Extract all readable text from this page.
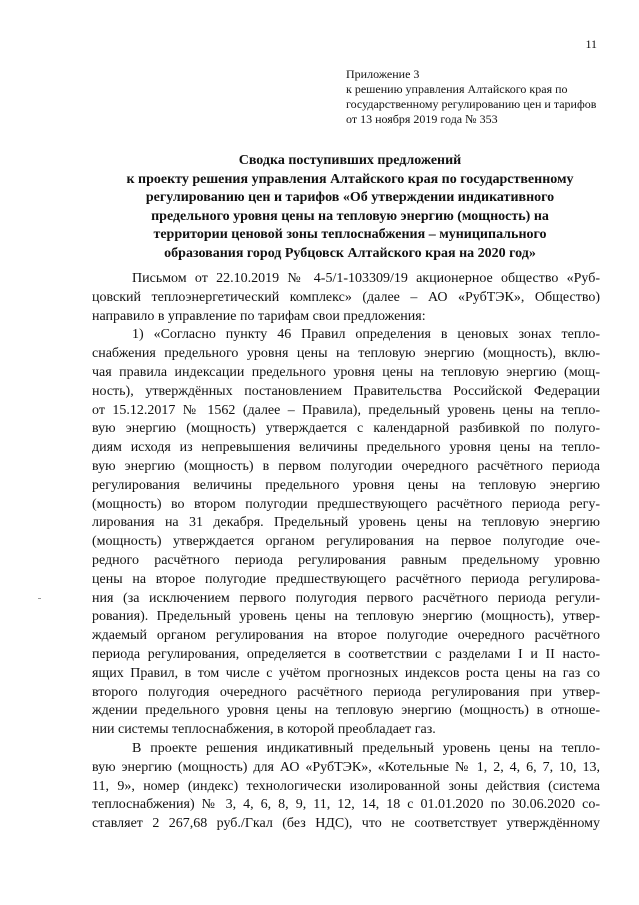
11
Приложение 3
к решению управления Алтайского края по
государственному регулированию цен и тарифов
от 13 ноября 2019 года № 353
Сводка поступивших предложений
к проекту решения управления Алтайского края по государственному
регулированию цен и тарифов «Об утверждении индикативного
предельного уровня цены на тепловую энергию (мощность) на
территории ценовой зоны теплоснабжения – муниципального
образования город Рубцовск Алтайского края на 2020 год»
Письмом от 22.10.2019 № 4-5/1-103309/19 акционерное общество «Руб-
цовский теплоэнергетический комплекс» (далее – АО «РубТЭК», Общество)
направило в управление по тарифам свои предложения:
1) «Согласно пункту 46 Правил определения в ценовых зонах тепло-
снабжения предельного уровня цены на тепловую энергию (мощность), вклю-
чая правила индексации предельного уровня цены на тепловую энергию (мощ-
ность), утверждённых постановлением Правительства Российской Федерации
от 15.12.2017 № 1562 (далее – Правила), предельный уровень цены на тепло-
вую энергию (мощность) утверждается с календарной разбивкой по полуго-
диям исходя из непревышения величины предельного уровня цены на тепло-
вую энергию (мощность) в первом полугодии очередного расчётного периода
регулирования величины предельного уровня цены на тепловую энергию
(мощность) во втором полугодии предшествующего расчётного периода регу-
лирования на 31 декабря. Предельный уровень цены на тепловую энергию
(мощность) утверждается органом регулирования на первое полугодие оче-
редного расчётного периода регулирования равным предельному уровню
цены на второе полугодие предшествующего расчётного периода регулирова-
ния (за исключением первого полугодия первого расчётного периода регули-
рования). Предельный уровень цены на тепловую энергию (мощность), утвер-
ждаемый органом регулирования на второе полугодие очередного расчётного
периода регулирования, определяется в соответствии с разделами I и II насто-
ящих Правил, в том числе с учётом прогнозных индексов роста цены на газ со
второго полугодия очередного расчётного периода регулирования при утвер-
ждении предельного уровня цены на тепловую энергию (мощность) в отноше-
нии системы теплоснабжения, в которой преобладает газ.
В проекте решения индикативный предельный уровень цены на тепло-
вую энергию (мощность) для АО «РубТЭК», «Котельные № 1, 2, 4, 6, 7, 10, 13,
11, 9», номер (индекс) технологически изолированной зоны действия (система
теплоснабжения) № 3, 4, 6, 8, 9, 11, 12, 14, 18 с 01.01.2020 по 30.06.2020 со-
ставляет 2 267,68 руб./Гкал (без НДС), что не соответствует утверждённому
